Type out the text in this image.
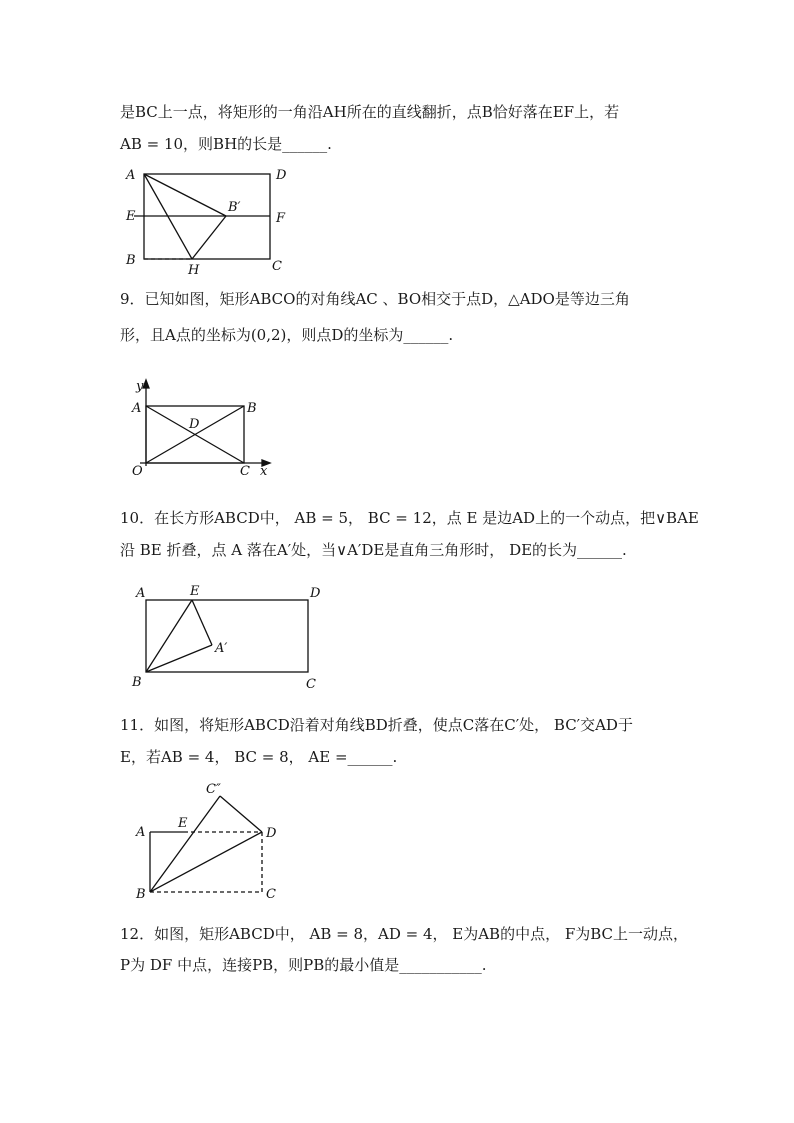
是BC上一点，将矩形的一角沿AH所在的直线翻折，点B恰好落在EF上，若
AB = 10，则BH的长是______.
A	D
E
B′
F
B
H	C
9．已知如图，矩形ABCO的对角线AC 、BO相交于点D，△ADO是等边三角
形，且A点的坐标为(0,2)，则点D的坐标为______.
y
A	B
D
O	C x
10．在长方形ABCD中， AB = 5， BC = 12，点 E 是边AD上的一个动点，把∨BAE
沿 BE 折叠，点 A 落在A′处，当∨A′DE是直角三角形时， DE的长为______.
A	E	D
A′
B	C
11．如图，将矩形ABCD沿着对角线BD折叠，使点C落在C′处， BC′交AD于
E，若AB = 4， BC = 8， AE =______.
C″
A
E
D
B	C
12．如图，矩形ABCD中， AB = 8，AD = 4， E为AB的中点， F为BC上一动点，
P为 DF 中点，连接PB，则PB的最小值是___________.
